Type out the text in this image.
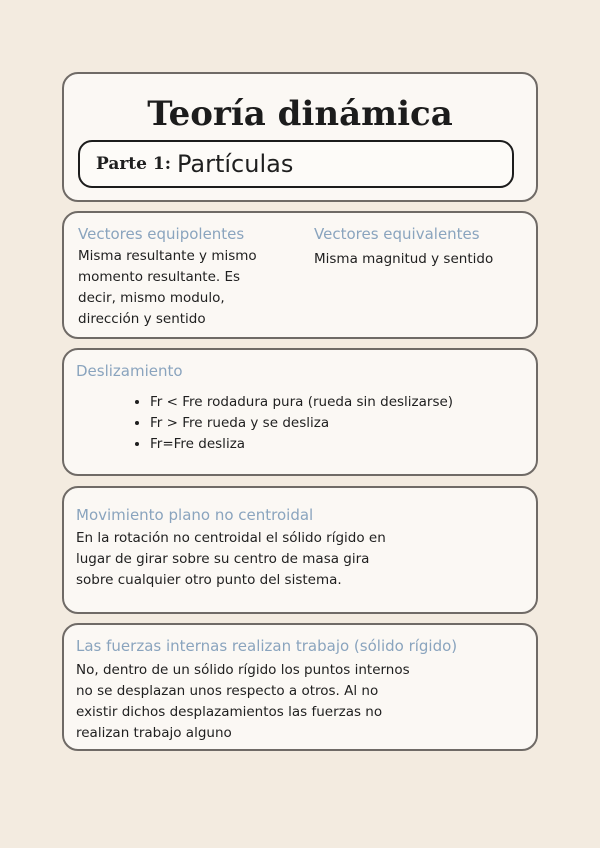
Teoría dinámica
Parte 1: Partículas
Vectores equipolentes
Misma resultante y mismo
momento resultante. Es
decir, mismo modulo,
dirección y sentido
Vectores equivalentes
Misma magnitud y sentido
Deslizamiento
• Fr < Fre rodadura pura (rueda sin deslizarse)
• Fr > Fre rueda y se desliza
• Fr=Fre desliza
Movimiento plano no centroidal
En la rotación no centroidal el sólido rígido en
lugar de girar sobre su centro de masa gira
sobre cualquier otro punto del sistema.
Las fuerzas internas realizan trabajo (sólido rígido)
No, dentro de un sólido rígido los puntos internos
no se desplazan unos respecto a otros. Al no
existir dichos desplazamientos las fuerzas no
realizan trabajo alguno
